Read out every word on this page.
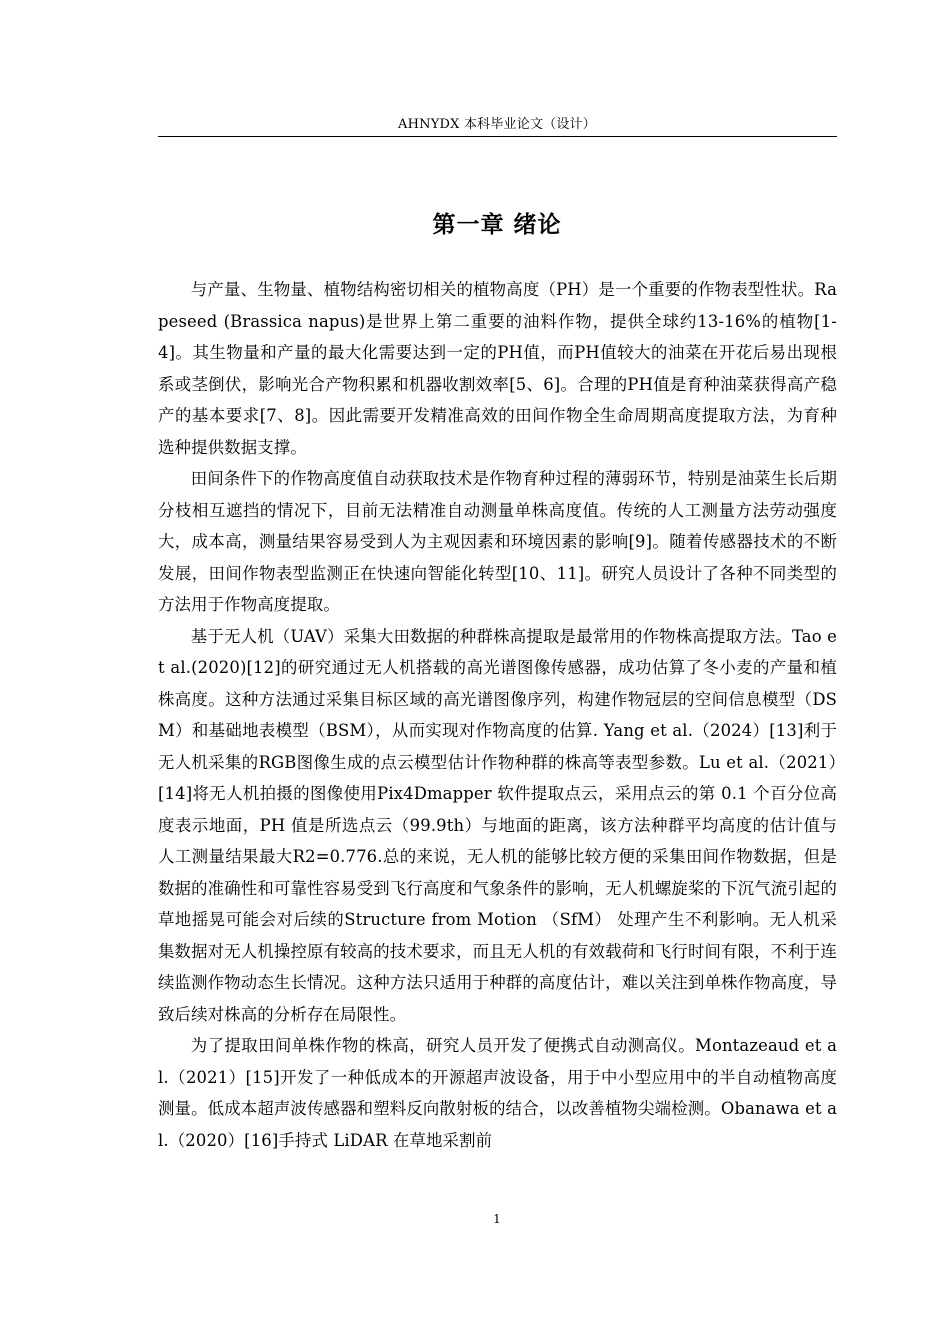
AHNYDX 本科毕业论文（设计）
第一章 绪论

与产量、生物量、植物结构密切相关的植物高度（PH）是一个重要的作物表型性状。Rapeseed (Brassica napus)是世界上第二重要的油料作物，提供全球约13-16%的植物[1-4]。其生物量和产量的最大化需要达到一定的PH值，而PH值较大的油菜在开花后易出现根系或茎倒伏，影响光合产物积累和机器收割效率[5、6]。合理的PH值是育种油菜获得高产稳产的基本要求[7、8]。因此需要开发精准高效的田间作物全生命周期高度提取方法，为育种选种提供数据支撑。

田间条件下的作物高度值自动获取技术是作物育种过程的薄弱环节，特别是油菜生长后期分枝相互遮挡的情况下，目前无法精准自动测量单株高度值。传统的人工测量方法劳动强度大，成本高，测量结果容易受到人为主观因素和环境因素的影响[9]。随着传感器技术的不断发展，田间作物表型监测正在快速向智能化转型[10、11]。研究人员设计了各种不同类型的方法用于作物高度提取。

基于无人机（UAV）采集大田数据的种群株高提取是最常用的作物株高提取方法。Tao et al.(2020)[12]的研究通过无人机搭载的高光谱图像传感器，成功估算了冬小麦的产量和植株高度。这种方法通过采集目标区域的高光谱图像序列，构建作物冠层的空间信息模型（DSM）和基础地表模型（BSM），从而实现对作物高度的估算. Yang et al.（2024）[13]利于无人机采集的RGB图像生成的点云模型估计作物种群的株高等表型参数。Lu et al.（2021）[14]将无人机拍摄的图像使用Pix4Dmapper 软件提取点云，采用点云的第 0.1 个百分位高度表示地面，PH 值是所选点云（99.9th）与地面的距离，该方法种群平均高度的估计值与人工测量结果最大R2=0.776.总的来说，无人机的能够比较方便的采集田间作物数据，但是数据的准确性和可靠性容易受到飞行高度和气象条件的影响，无人机螺旋桨的下沉气流引起的草地摇晃可能会对后续的Structure from Motion （SfM） 处理产生不利影响。无人机采集数据对无人机操控原有较高的技术要求，而且无人机的有效载荷和飞行时间有限，不利于连续监测作物动态生长情况。这种方法只适用于种群的高度估计，难以关注到单株作物高度，导致后续对株高的分析存在局限性。

为了提取田间单株作物的株高，研究人员开发了便携式自动测高仪。Montazeaud et al.（2021）[15]开发了一种低成本的开源超声波设备，用于中小型应用中的半自动植物高度测量。低成本超声波传感器和塑料反向散射板的结合，以改善植物尖端检测。Obanawa et al.（2020）[16]手持式 LiDAR 在草地采割前

1
